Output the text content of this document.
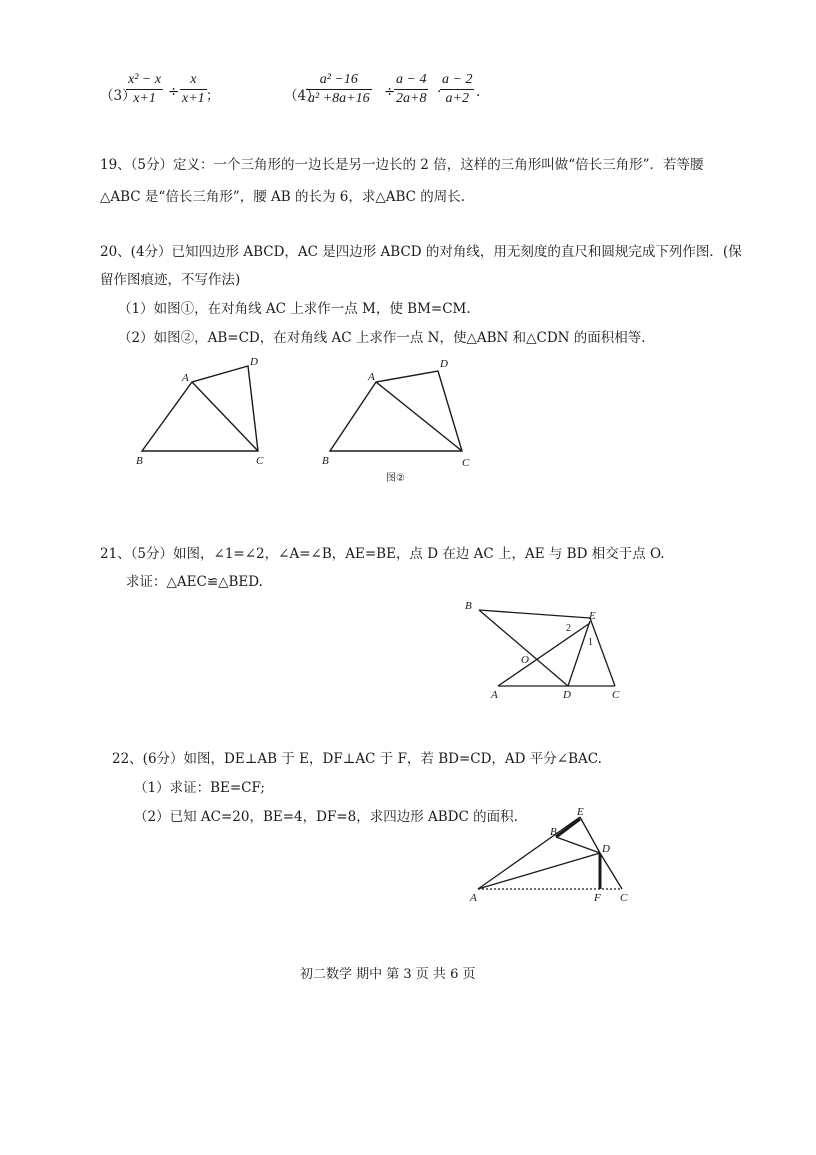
（3）
$\frac{\text{x² − x}}{x+1} \div \frac{x}{x+1}$ ；	（4）
$\frac{\text{a² −16}}{\text{a² +8a+16}}$ ÷
$\frac{a - 4}{2a+8}$ ·
$\frac{a - 2}{a+2}$ .
19、（5分）定义：一个三角形的一边长是另一边长的 2 倍，这样的三角形叫做“倍长三角形”．若等腰
△ABC 是“倍长三角形”，腰 AB 的长为 6，求△ABC 的周长.
20、(4分）已知四边形 ABCD，AC 是四边形 ABCD 的对角线，用无刻度的直尺和圆规完成下列作图．(保
留作图痕迹，不写作法)
（1）如图①，在对角线 AC 上求作一点 M，使 BM=CM.
（2）如图②，AB=CD，在对角线 AC 上求作一点 N，使△ABN 和△CDN 的面积相等．
A
B	C
D
A
B	C
D
图②
21、（5分）如图，∠1=∠2，∠A=∠B，AE=BE，点 D 在边 AC 上，AE 与 BD 相交于点 O.
求证：△AEC≌△BED.
B
E
O
A	D	C
2
1
22、(6分）如图，DE⊥AB 于 E，DF⊥AC 于 F，若 BD=CD，AD 平分∠BAC.
（1）求证：BE=CF;
（2）已知 AC=20，BE=4，DF=8，求四边形 ABDC 的面积.
A
B
C
D
E
F
初二数学 期中 第 3 页 共 6 页
